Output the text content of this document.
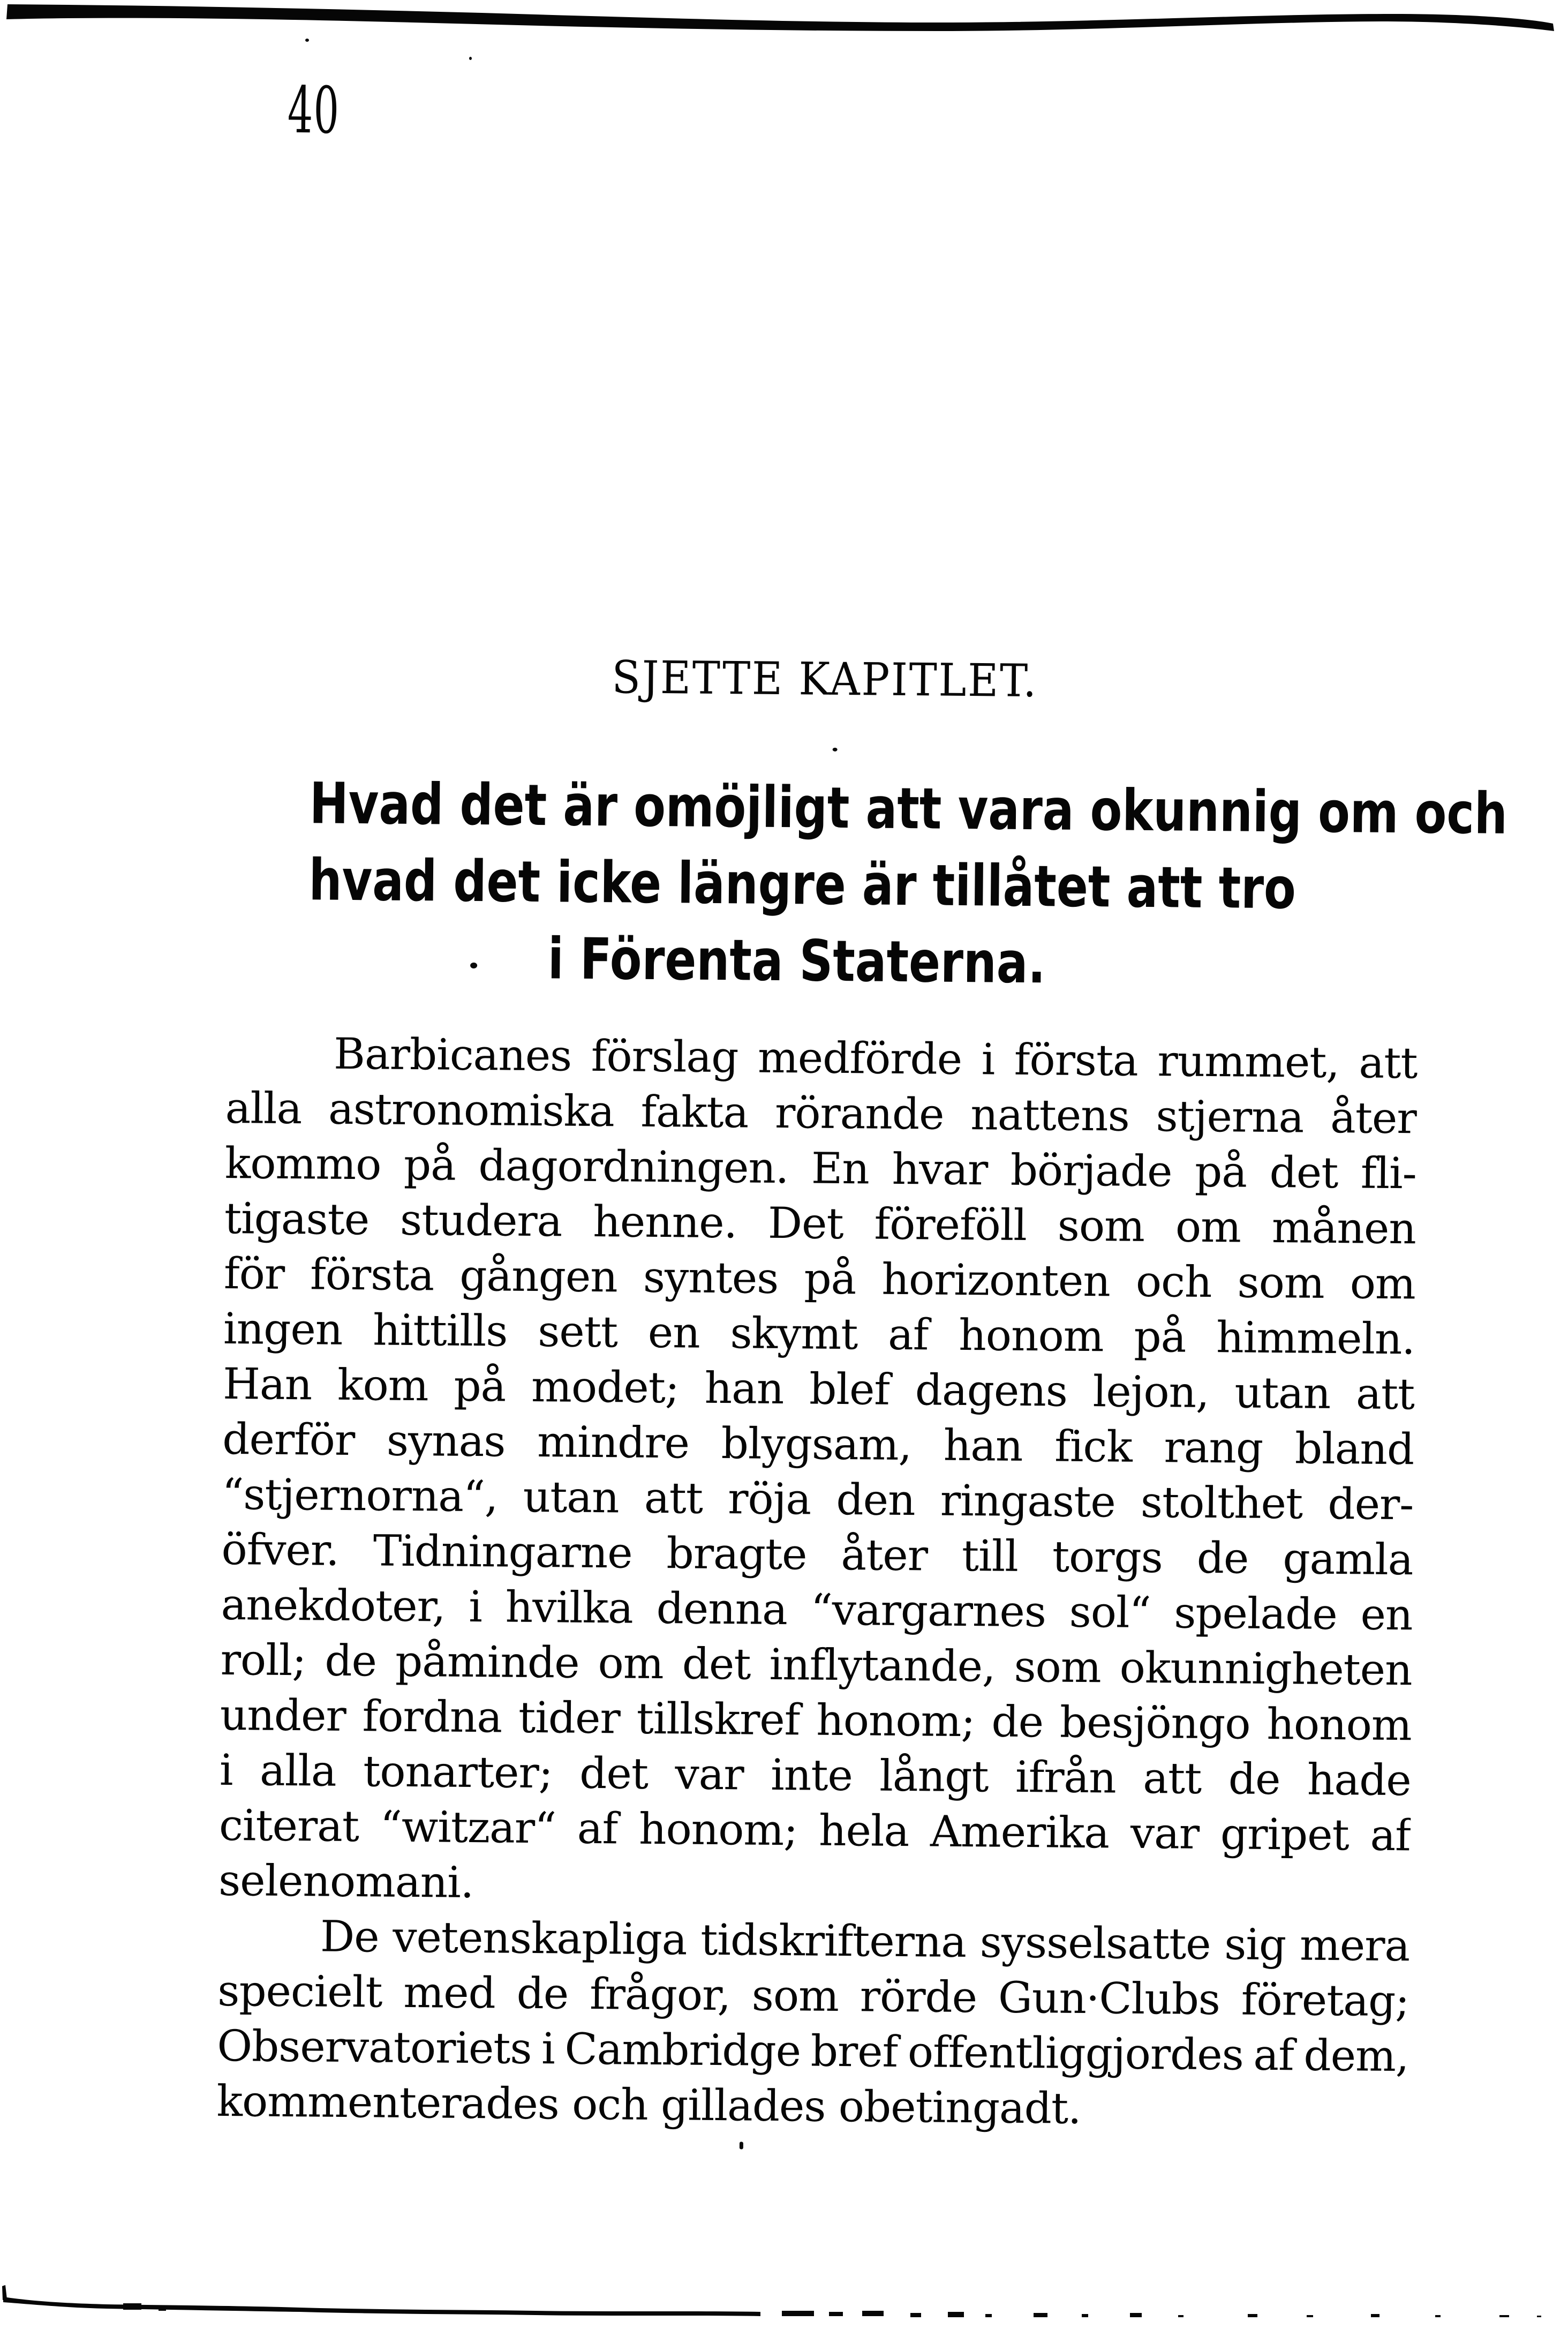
40
SJETTE KAPITLET.
Hvad det är omöjligt att vara okunnig om och
hvad det icke längre är tillåtet att tro
i Förenta Staterna.
Barbicanes förslag medförde i första rummet, att
alla astronomiska fakta rörande nattens stjerna åter
kommo på dagordningen. En hvar började på det fli-
tigaste studera henne. Det föreföll som om månen
för första gången syntes på horizonten och som om
ingen hittills sett en skymt af honom på himmeln.
Han kom på modet; han blef dagens lejon, utan att
derför synas mindre blygsam, han fick rang bland
“stjernorna“, utan att röja den ringaste stolthet der-
öfver. Tidningarne bragte åter till torgs de gamla
anekdoter, i hvilka denna “vargarnes sol“ spelade en
roll; de påminde om det inflytande, som okunnigheten
under fordna tider tillskref honom; de besjöngo honom
i alla tonarter; det var inte långt ifrån att de hade
citerat “witzar“ af honom; hela Amerika var gripet af
selenomani.
De vetenskapliga tidskrifterna sysselsatte sig mera
specielt med de frågor, som rörde Gun·Clubs företag;
Observatoriets i Cambridge bref offentliggjordes af dem,
kommenterades och gillades obetingadt.
